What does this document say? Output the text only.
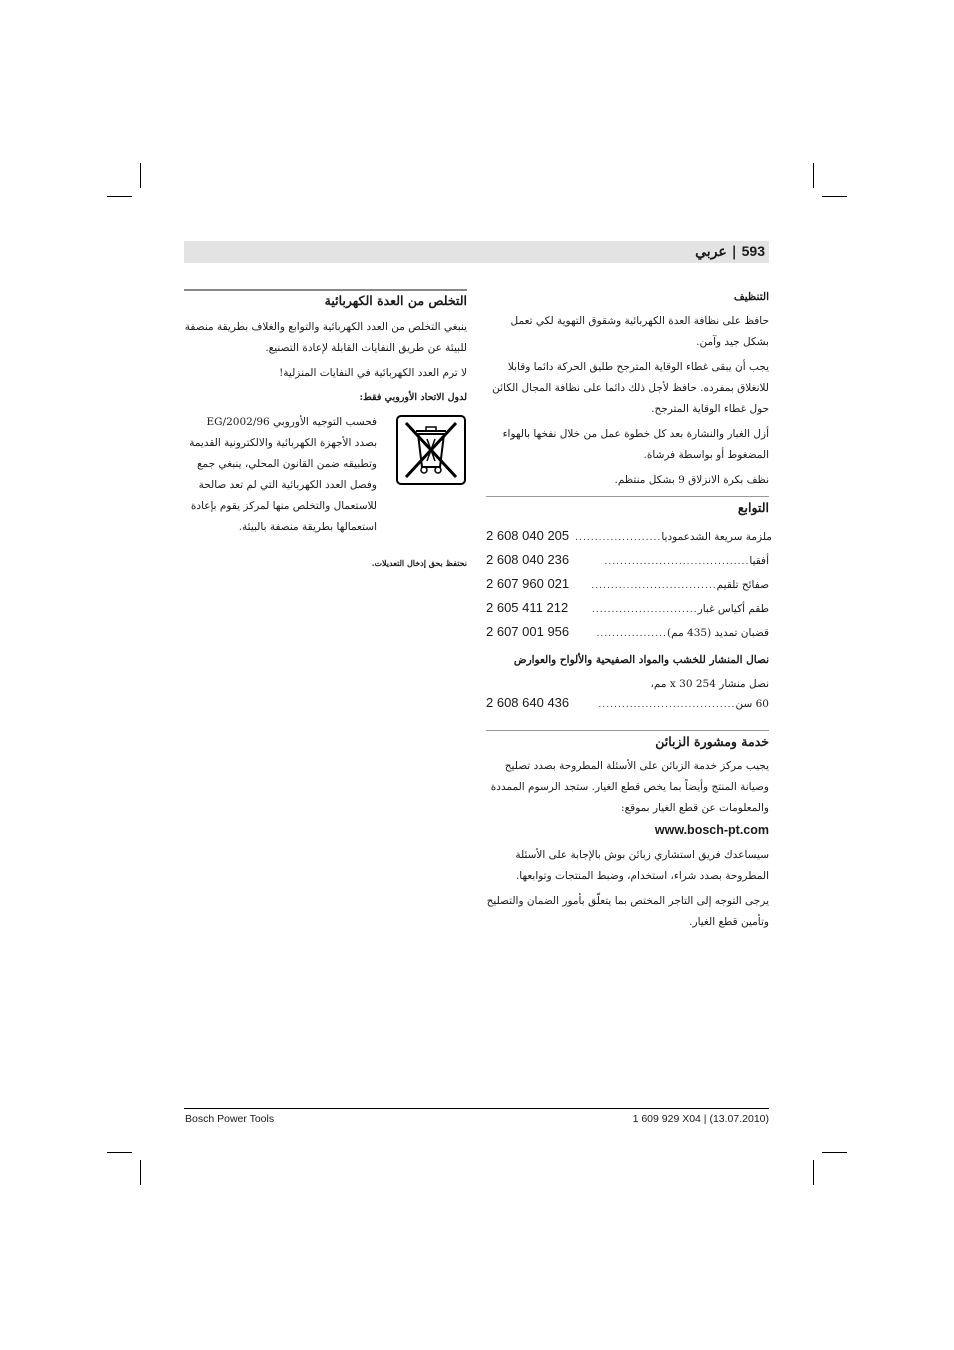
593 | عربي
التنظيف

حافظ على نظافة العدة الكهربائية وشقوق التهوية لكي تعمل بشكل جيد وآمن.

يجب أن يبقى غطاء الوقاية المترجح طليق الحركة دائما وقابلا للانغلاق بمفرده. حافظ لأجل ذلك دائما على نظافة المجال الكائن حول غطاء الوقاية المترجح.

أزل الغبار والنشارة بعد كل خطوة عمل من خلال نفخها بالهواء المضغوط أو بواسطة فرشاة.

نظف بكرة الانزلاق 9 بشكل منتظم.

التوابع
2 608 040 205 ......................	ملزمة سريعة الشدعموديا
2 608 040 236	..................................... أفقيا
2 607 960 021	................................ صفائح تلقيم
2 605 411 212	........................... طقم أكياس غبار
2 607 001 956	.................. قضبان تمديد (435 مم)
نصال المنشار للخشب والمواد الصفيحية والألواح والعوارض

نصل منشار 254 x 30 مم،

2 608 640 436	................................... 60 سن
خدمة ومشورة الزبائن

يجيب مركز خدمة الزبائن على الأسئلة المطروحة بصدد تصليح وصيانة المنتج وأيضاً بما يخص قطع الغيار. ستجد الرسوم الممددة والمعلومات عن قطع الغيار بموقع:

www.bosch-pt.com

سيساعدك فريق استشاري زبائن بوش بالإجابة على الأسئلة المطروحة بصدد شراء، استخدام، وضبط المنتجات وتوابعها.

يرجى التوجه إلى التاجر المختص بما يتعلّق بأمور الضمان والتصليح وتأمين قطع الغيار.

التخلص من العدة الكهربائية

ينبغي التخلص من العدد الكهربائية والتوابع والغلاف بطريقة منصفة للبيئة عن طريق النفايات القابلة لإعادة التصنيع.

لا ترم العدد الكهربائية في النفايات المنزلية!

لدول الاتحاد الأوروبي فقط:

فحسب التوجيه الأوروبي 2002/96/EG بصدد الأجهزة الكهربائية والالكترونية القديمة وتطبيقه ضمن القانون المحلي، ينبغي جمع وفصل العدد الكهربائية التي لم تعد صالحة للاستعمال والتخلص منها لمركز يقوم بإعادة استعمالها بطريقة منصفة بالبيئة.

نحتفظ بحق إدخال التعديلات.
Bosch Power Tools	1 609 929 X04 | (13.07.2010)
